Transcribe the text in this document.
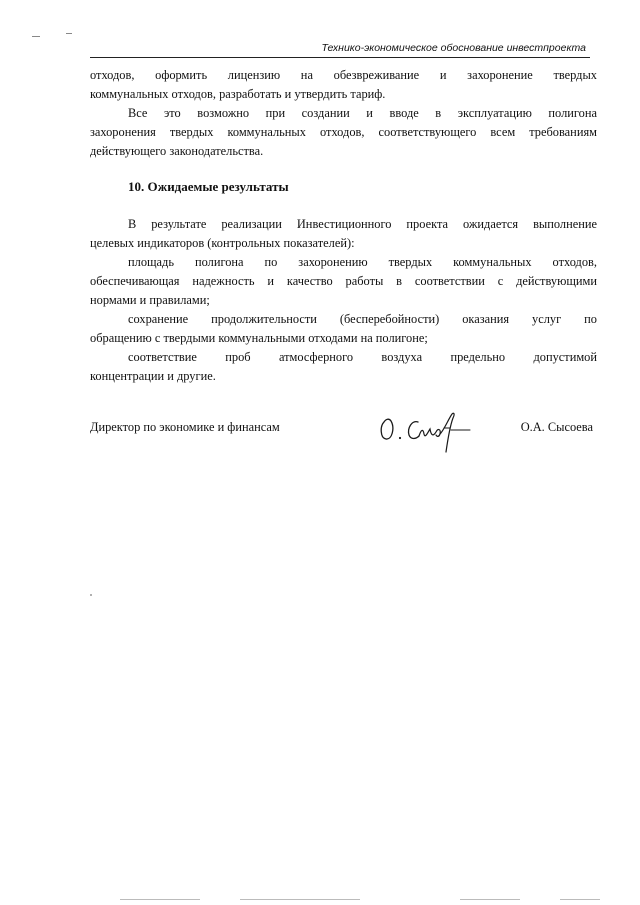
Технико-экономическое обоснование инвестпроекта
отходов, оформить лицензию на обезвреживание и захоронение твердых
коммунальных отходов, разработать и утвердить тариф.
Все это возможно при создании и вводе в эксплуатацию полигона
захоронения твердых коммунальных отходов, соответствующего всем требованиям
действующего законодательства.
10. Ожидаемые результаты
В результате реализации Инвестиционного проекта ожидается выполнение
целевых индикаторов (контрольных показателей):
площадь полигона по захоронению твердых коммунальных отходов,
обеспечивающая надежность и качество работы в соответствии с действующими
нормами и правилами;
сохранение продолжительности (бесперебойности) оказания услуг по
обращению с твердыми коммунальными отходами на полигоне;
соответствие проб атмосферного воздуха предельно допустимой
концентрации и другие.
Директор по экономике и финансам	О.А. Сысоева
